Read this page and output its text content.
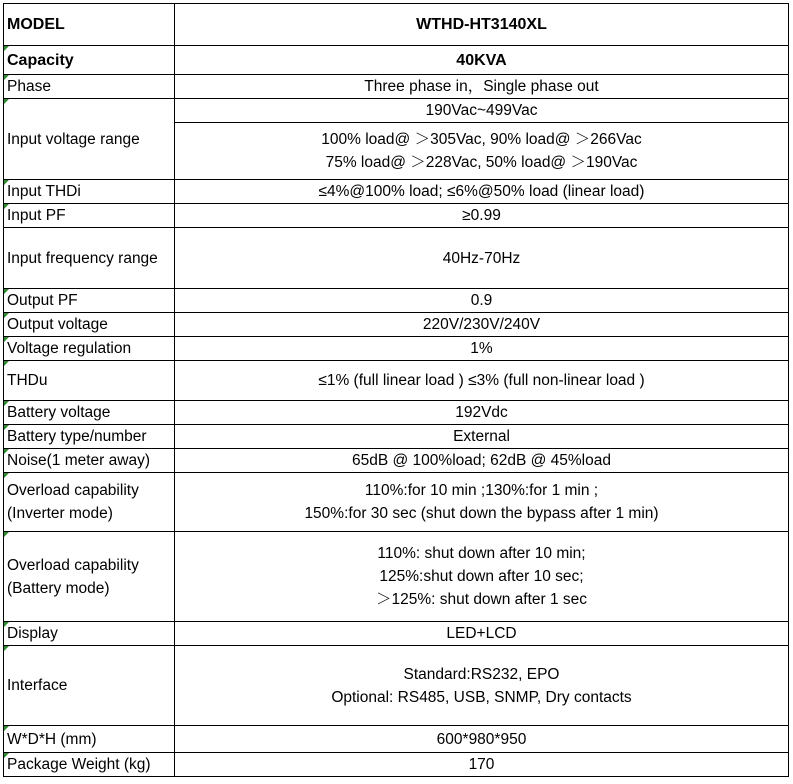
MODEL	WTHD-HT3140XL

Capacity	40KVA

Phase	Three phase in，Single phase out

Input voltage range	190Vac~499Vac

	100% load@ ＞305Vac, 90% load@ ＞266Vac
75% load@ ＞228Vac, 50% load@ ＞190Vac

Input THDi	≤4%@100% load; ≤6%@50% load (linear load)

Input PF	≥0.99

Input frequency range	40Hz-70Hz

Output PF	0.9

Output voltage	220V/230V/240V

Voltage regulation	1%

THDu	≤1% (full linear load ) ≤3% (full non-linear load )

Battery voltage	192Vdc

Battery type/number	External

Noise(1 meter away)	65dB @ 100%load; 62dB @ 45%load

Overload capability (Inverter mode)	110%:for 10 min ;130%:for 1 min ;
150%:for 30 sec (shut down the bypass after 1 min)

Overload capability (Battery mode)	110%: shut down after 10 min;
125%:shut down after 10 sec;
＞125%: shut down after 1 sec

Display	LED+LCD

Interface	Standard:RS232, EPO
Optional: RS485, USB, SNMP, Dry contacts

W*D*H (mm)	600*980*950

Package Weight (kg)	170
